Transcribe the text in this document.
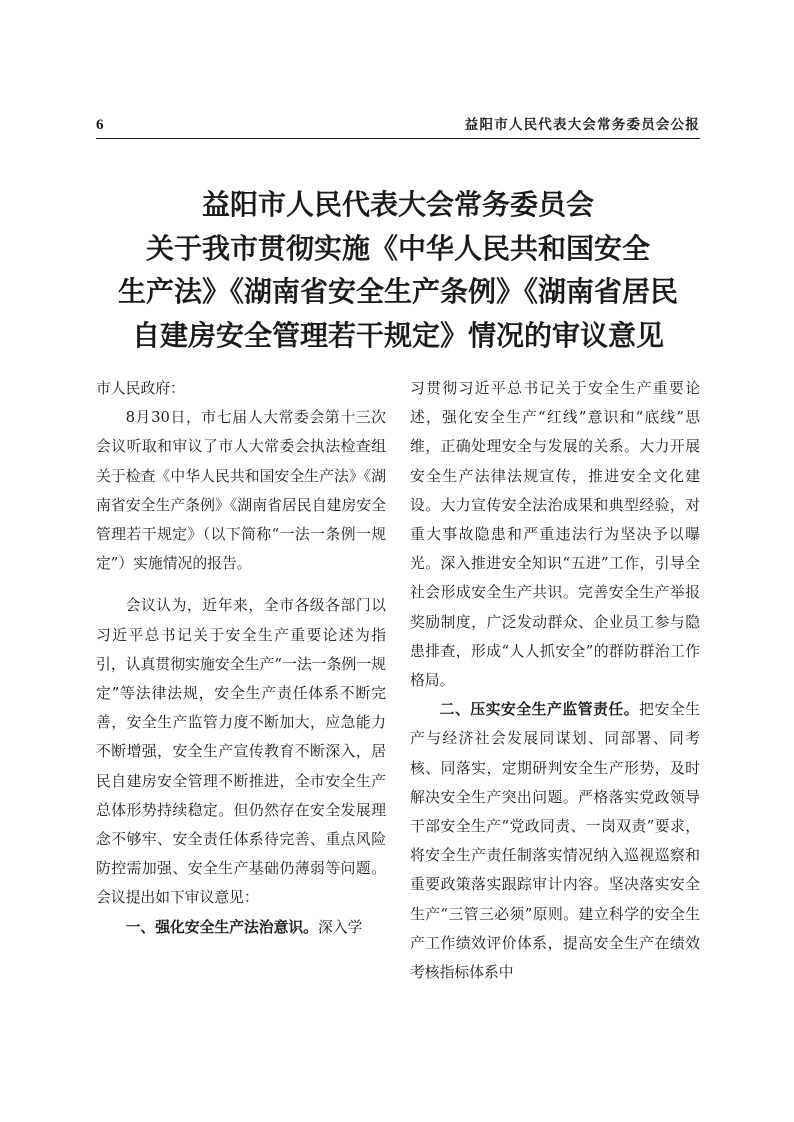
6	益阳市人民代表大会常务委员会公报
益阳市人民代表大会常务委员会
关于我市贯彻实施《中华人民共和国安全
生产法》《湖南省安全生产条例》《湖南省居民
自建房安全管理若干规定》情况的审议意见

市人民政府：

8月30日，市七届人大常委会第十三次会议听取和审议了市人大常委会执法检查组关于检查《中华人民共和国安全生产法》《湖南省安全生产条例》《湖南省居民自建房安全管理若干规定》（以下简称“一法一条例一规定”）实施情况的报告。

会议认为，近年来，全市各级各部门以习近平总书记关于安全生产重要论述为指引，认真贯彻实施安全生产“一法一条例一规定”等法律法规，安全生产责任体系不断完善，安全生产监管力度不断加大，应急能力不断增强，安全生产宣传教育不断深入，居民自建房安全管理不断推进，全市安全生产总体形势持续稳定。但仍然存在安全发展理念不够牢、安全责任体系待完善、重点风险防控需加强、安全生产基础仍薄弱等问题。会议提出如下审议意见：

一、强化安全生产法治意识。深入学

习贯彻习近平总书记关于安全生产重要论述，强化安全生产“红线”意识和“底线”思维，正确处理安全与发展的关系。大力开展安全生产法律法规宣传，推进安全文化建设。大力宣传安全法治成果和典型经验，对重大事故隐患和严重违法行为坚决予以曝光。深入推进安全知识“五进”工作，引导全社会形成安全生产共识。完善安全生产举报奖励制度，广泛发动群众、企业员工参与隐患排查，形成“人人抓安全”的群防群治工作格局。

二、压实安全生产监管责任。把安全生产与经济社会发展同谋划、同部署、同考核、同落实，定期研判安全生产形势，及时解决安全生产突出问题。严格落实党政领导干部安全生产“党政同责、一岗双责”要求，将安全生产责任制落实情况纳入巡视巡察和重要政策落实跟踪审计内容。坚决落实安全生产“三管三必须”原则。建立科学的安全生产工作绩效评价体系，提高安全生产在绩效考核指标体系中
